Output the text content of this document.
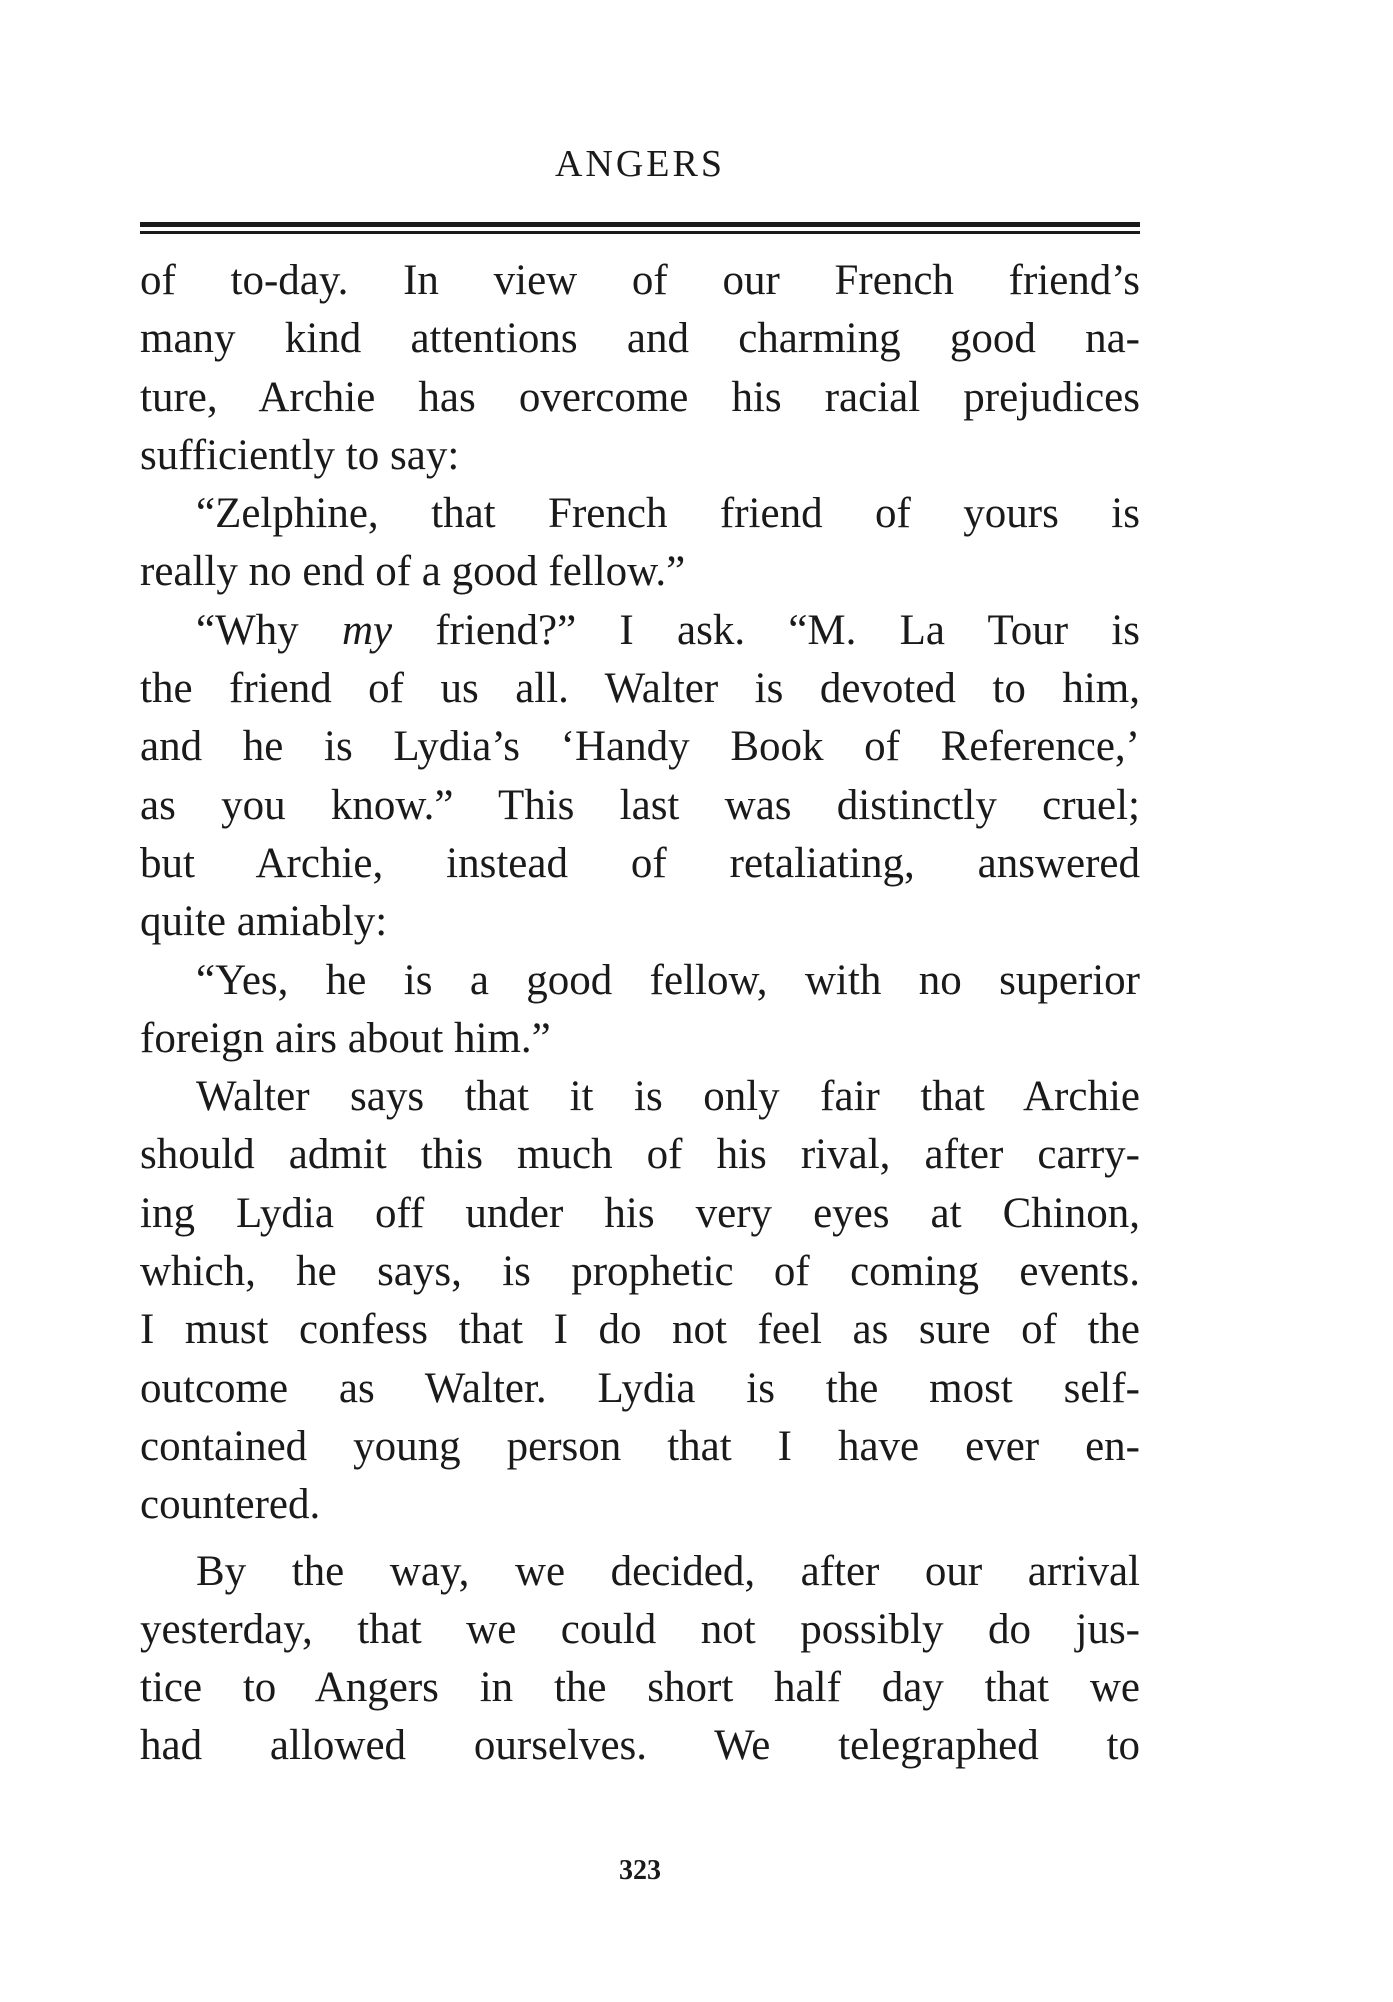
ANGERS
of to-day. In view of our French friend’s
many kind attentions and charming good na-
ture, Archie has overcome his racial prejudices
sufficiently to say:
“Zelphine, that French friend of yours is
really no end of a good fellow.”
“Why my friend?” I ask. “M. La Tour is
the friend of us all. Walter is devoted to him,
and he is Lydia’s ‘Handy Book of Reference,’
as you know.” This last was distinctly cruel;
but Archie, instead of retaliating, answered
quite amiably:
“Yes, he is a good fellow, with no superior
foreign airs about him.”
Walter says that it is only fair that Archie
should admit this much of his rival, after carry-
ing Lydia off under his very eyes at Chinon,
which, he says, is prophetic of coming events.
I must confess that I do not feel as sure of the
outcome as Walter. Lydia is the most self-
contained young person that I have ever en-
countered.
By the way, we decided, after our arrival
yesterday, that we could not possibly do jus-
tice to Angers in the short half day that we
had allowed ourselves. We telegraphed to
323
